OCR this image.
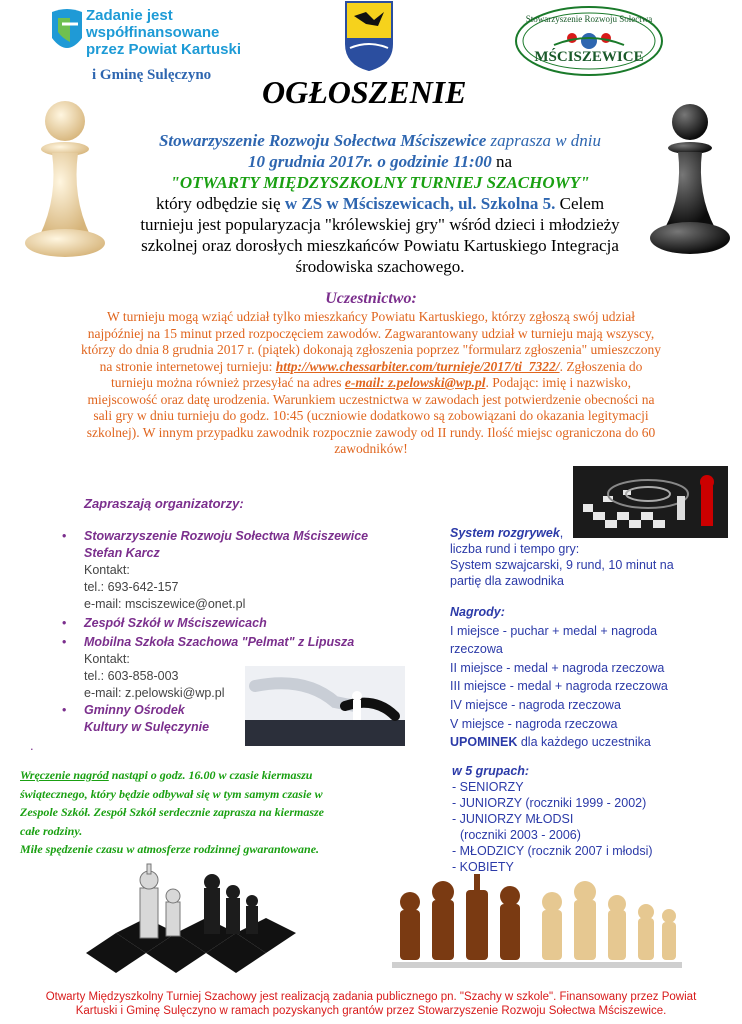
Zadanie jest
współfinansowane
przez Powiat Kartuski
i Gminę Sulęczyno
Stowarzyszenie Rozwoju Sołectwa
MŚCISZEWICE
OGŁOSZENIE
Stowarzyszenie Rozwoju Sołectwa Mściszewice zaprasza w dniu
10 grudnia 2017r. o godzinie 11:00 na
"OTWARTY MIĘDZYSZKOLNY TURNIEJ SZACHOWY"
który odbędzie się w ZS w Mściszewicach, ul. Szkolna 5. Celem
turnieju jest popularyzacja "królewskiej gry" wśród dzieci i młodzieży
szkolnej oraz dorosłych mieszkańców Powiatu Kartuskiego Integracja
środowiska szachowego.
Uczestnictwo:
W turnieju mogą wziąć udział tylko mieszkańcy Powiatu Kartuskiego, którzy zgłoszą swój udział
najpóźniej na 15 minut przed rozpoczęciem zawodów. Zagwarantowany udział w turnieju mają wszyscy,
którzy do dnia 8 grudnia 2017 r. (piątek) dokonają zgłoszenia poprzez "formularz zgłoszenia" umieszczony
na stronie internetowej turnieju: http://www.chessarbiter.com/turnieje/2017/ti_7322/. Zgłoszenia do
turnieju można również przesyłać na adres e-mail: z.pelowski@wp.pl. Podając: imię i nazwisko,
miejscowość oraz datę urodzenia. Warunkiem uczestnictwa w zawodach jest potwierdzenie obecności na
sali gry w dniu turnieju do godz. 10:45 (uczniowie dodatkowo są zobowiązani do okazania legitymacji
szkolnej). W innym przypadku zawodnik rozpocznie zawody od II rundy. Ilość miejsc ograniczona do 60
zawodników!
Zapraszają organizatorzy:
• Stowarzyszenie Rozwoju Sołectwa Mściszewice
Stefan Karcz
Kontakt:
tel.: 693-642-157
e-mail: msciszewice@onet.pl
• Zespół Szkół w Mściszewicach
• Mobilna Szkoła Szachowa "Pelmat" z Lipusza
Kontakt:
tel.: 603-858-003
e-mail: z.pelowski@wp.pl
• Gminny Ośrodek
Kultury w Sulęczynie
.
Wręczenie nagród nastąpi o godz. 16.00 w czasie kiermaszu
świątecznego, który będzie odbywał się w tym samym czasie w
Zespole Szkół. Zespół Szkół serdecznie zaprasza na kiermasze
całe rodziny.
Miłe spędzenie czasu w atmosferze rodzinnej gwarantowane.
System rozgrywek,
liczba rund i tempo gry:
System szwajcarski, 9 rund, 10 minut na
partię dla zawodnika
Nagrody:
I miejsce - puchar + medal + nagroda
rzeczowa
II miejsce - medal + nagroda rzeczowa
III miejsce - medal + nagroda rzeczowa
IV miejsce - nagroda rzeczowa
V miejsce - nagroda rzeczowa
UPOMINEK dla każdego uczestnika
w 5 grupach:
- SENIORZY
- JUNIORZY (roczniki 1999 - 2002)
- JUNIORZY MŁODSI
(roczniki 2003 - 2006)
- MŁODZICY (rocznik 2007 i młodsi)
- KOBIETY
Otwarty Międzyszkolny Turniej Szachowy jest realizacją zadania publicznego pn. "Szachy w szkole". Finansowany przez Powiat
Kartuski i Gminę Sulęczyno w ramach pozyskanych grantów przez Stowarzyszenie Rozwoju Sołectwa Mściszewice.
